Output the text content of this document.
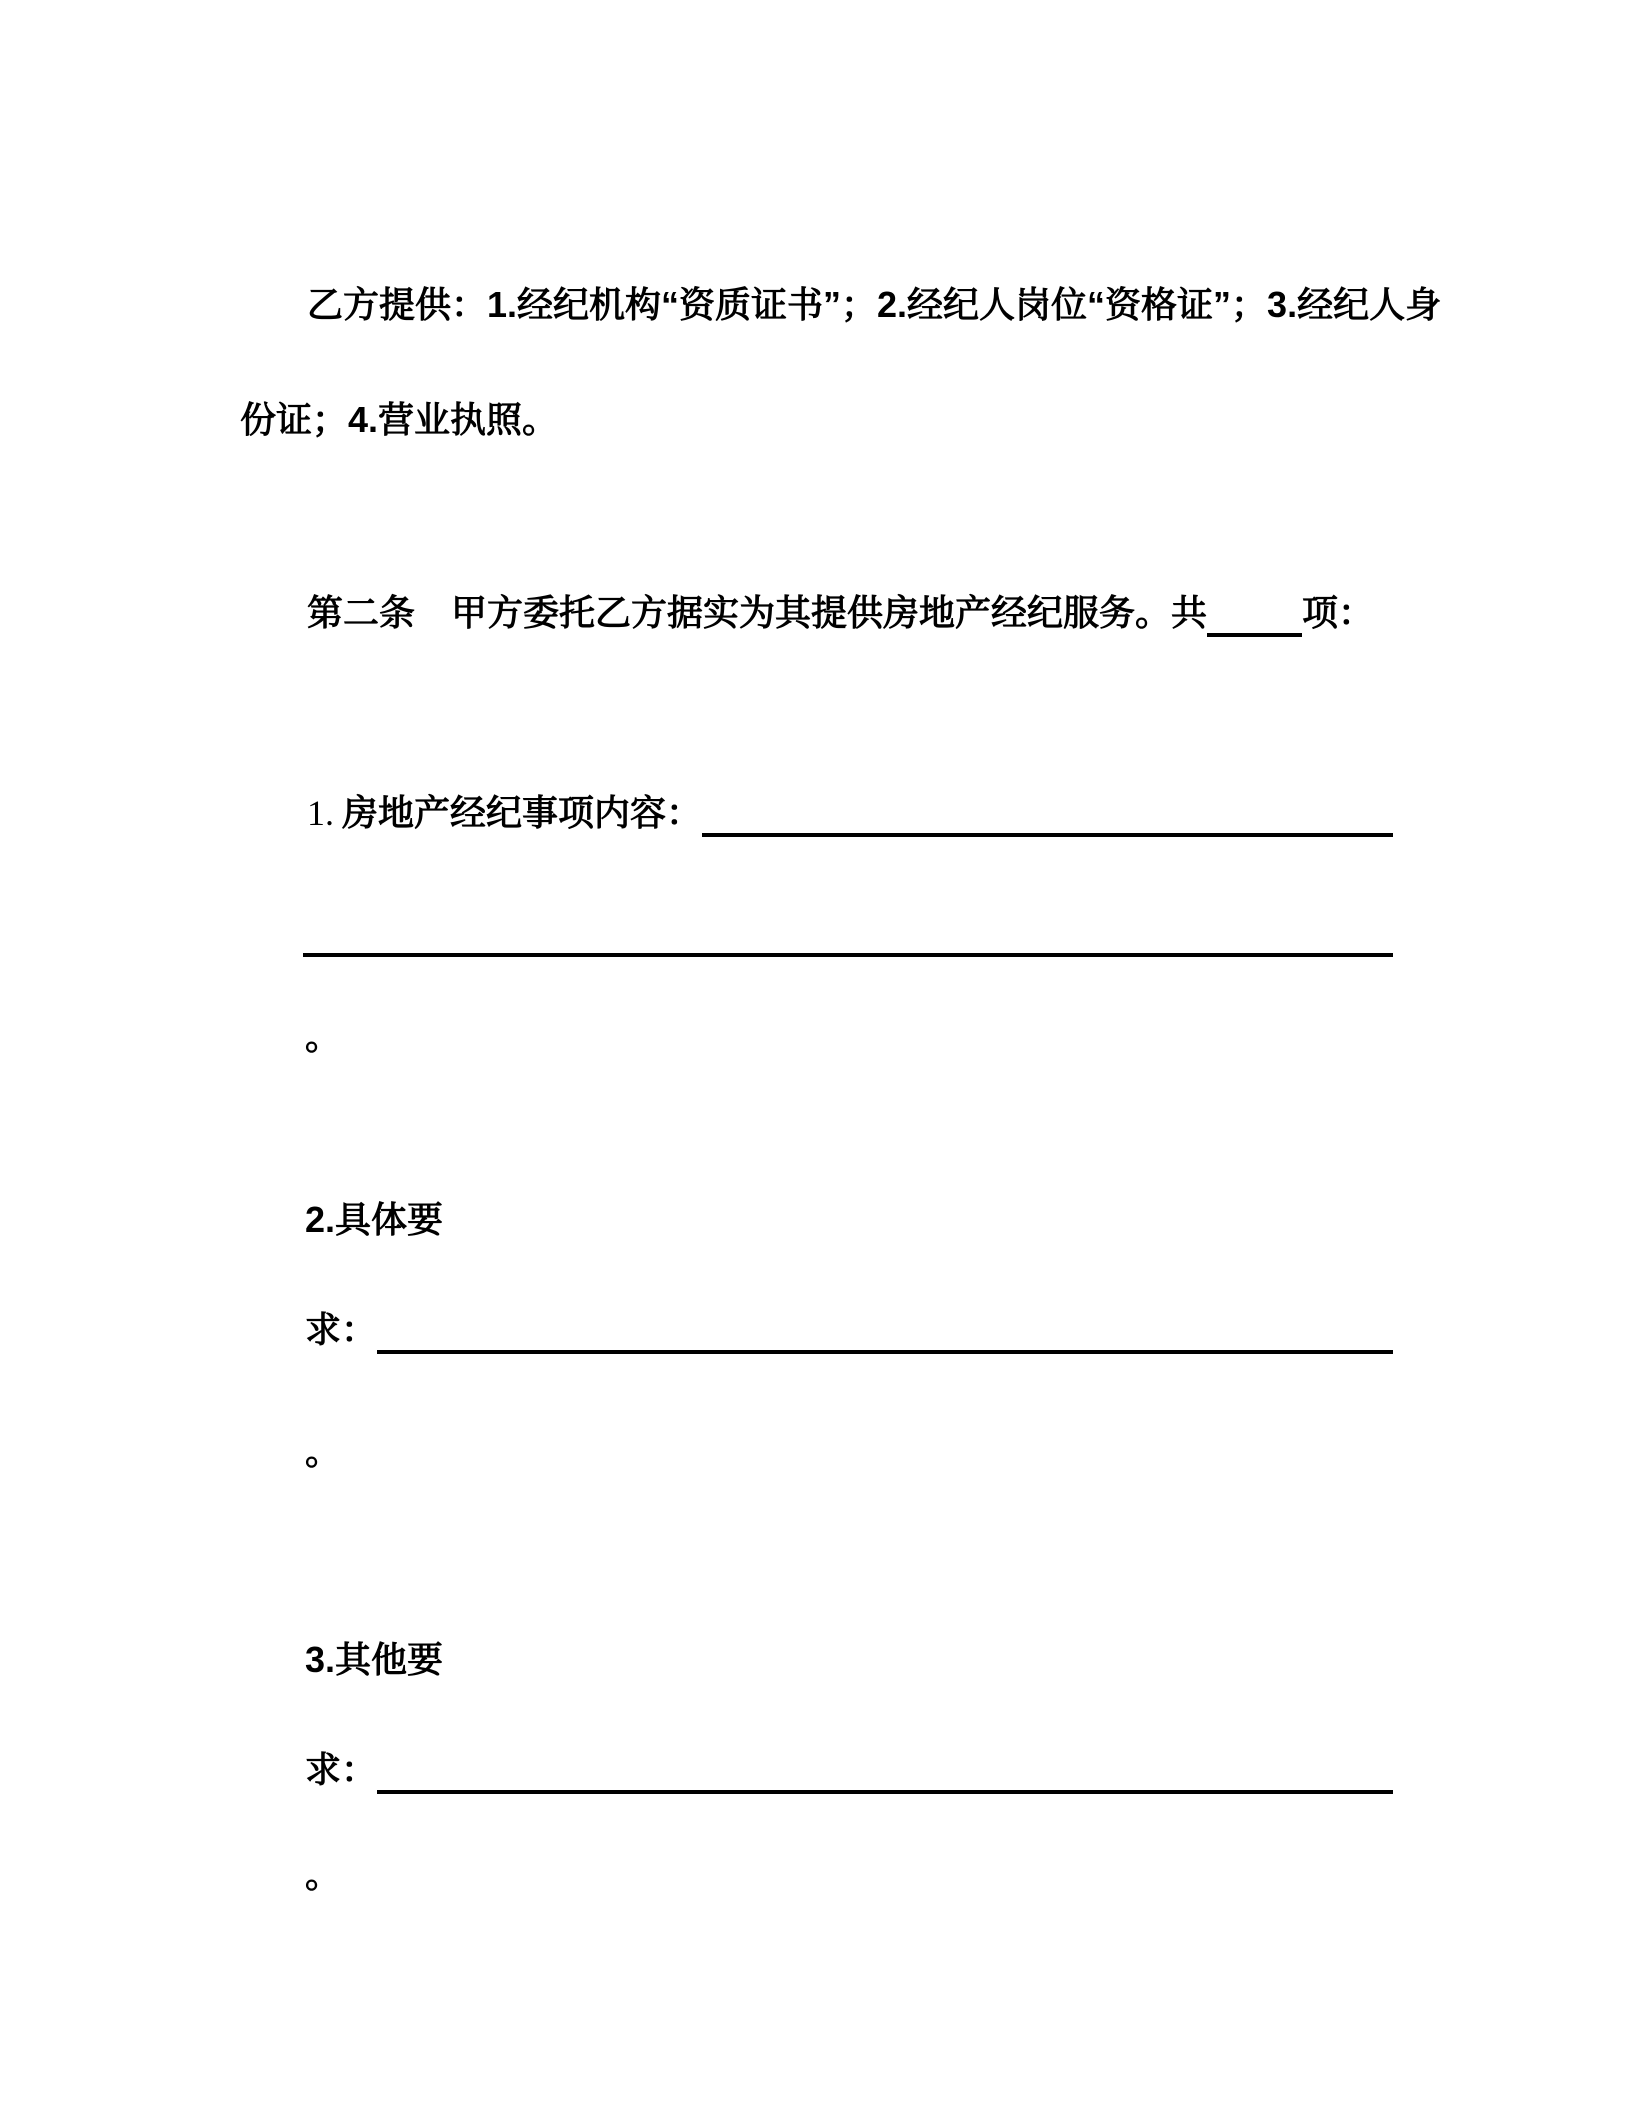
乙方提供：1.经纪机构“资质证书”；2.经纪人岗位“资格证”；3.经纪人身
份证；4.营业执照。
第二条　甲方委托乙方据实为其提供房地产经纪服务。共	项：
1. 房地产经纪事项内容：
。
2.具体要
求：
。
3.其他要
求：
。
